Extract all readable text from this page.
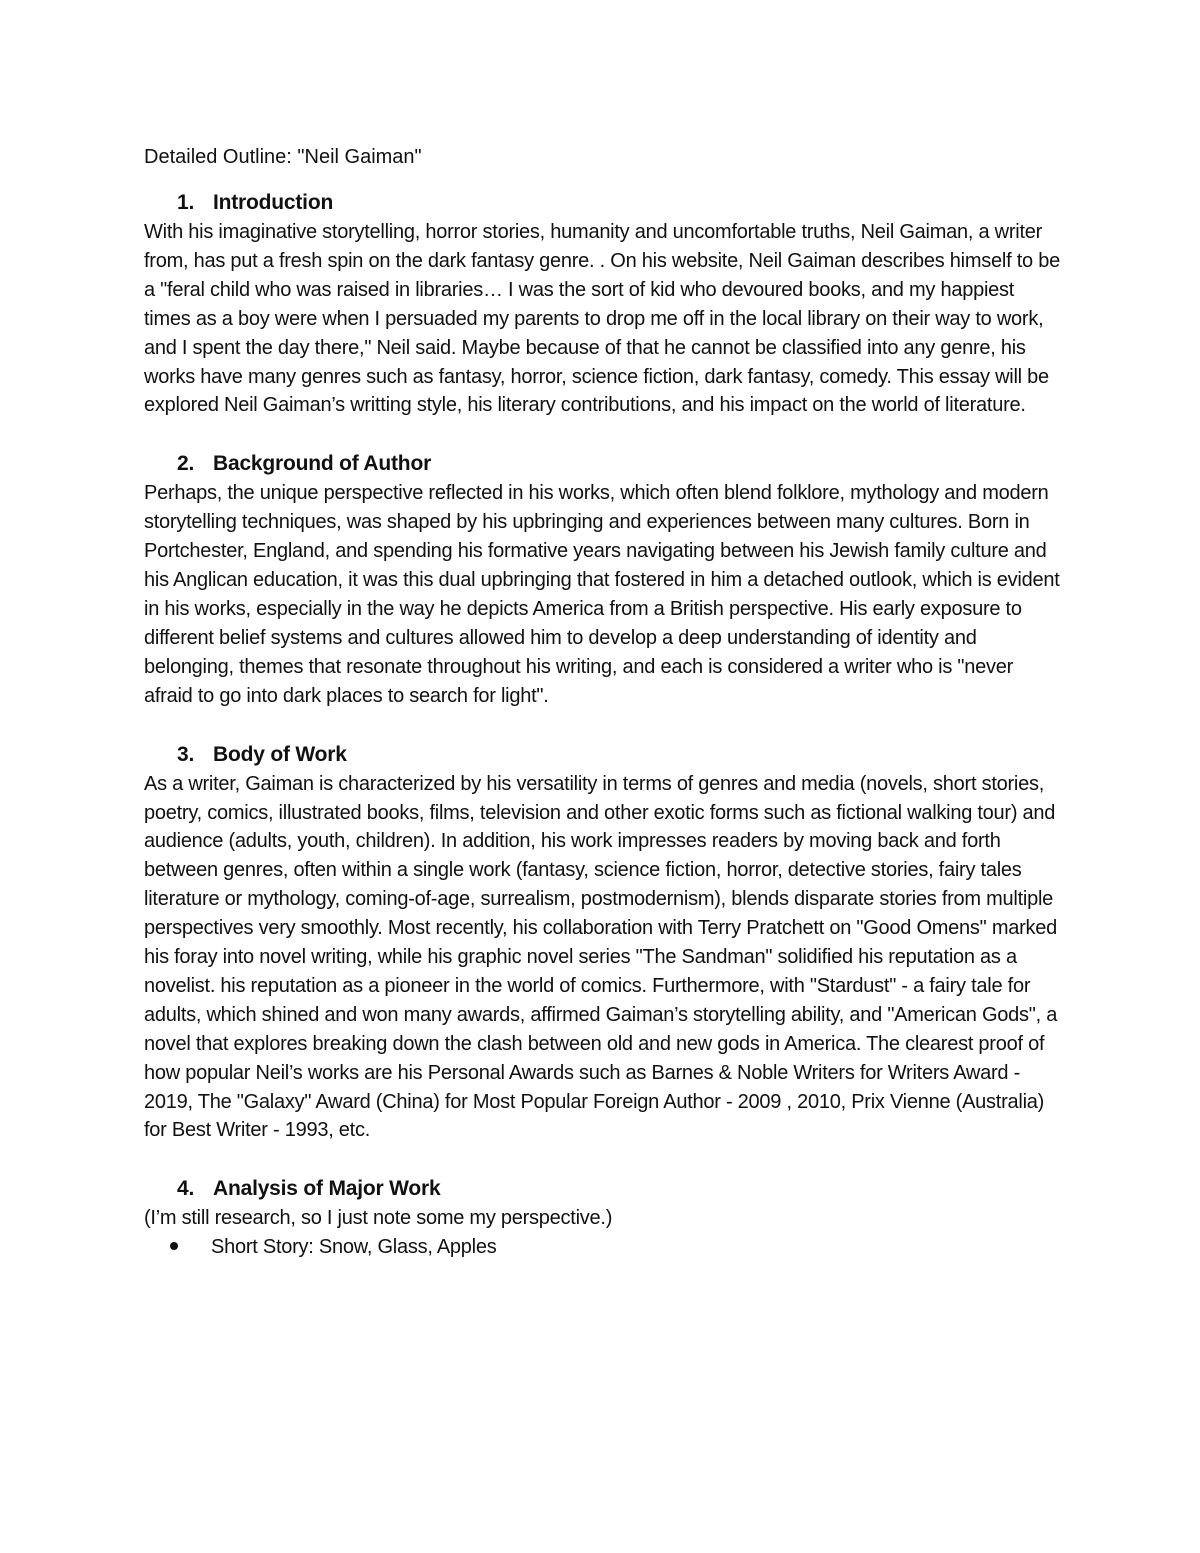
Detailed Outline: "Neil Gaiman"

1. Introduction

With his imaginative storytelling, horror stories, humanity and uncomfortable truths, Neil Gaiman, a writer from, has put a fresh spin on the dark fantasy genre. . On his website, Neil Gaiman describes himself to be a "feral child who was raised in libraries… I was the sort of kid who devoured books, and my happiest times as a boy were when I persuaded my parents to drop me off in the local library on their way to work, and I spent the day there," Neil said. Maybe because of that he cannot be classified into any genre, his works have many genres such as fantasy, horror, science fiction, dark fantasy, comedy. This essay will be explored Neil Gaiman’s writting style, his literary contributions, and his impact on the world of literature.

2. Background of Author

Perhaps, the unique perspective reflected in his works, which often blend folklore, mythology and modern storytelling techniques, was shaped by his upbringing and experiences between many cultures. Born in Portchester, England, and spending his formative years navigating between his Jewish family culture and his Anglican education, it was this dual upbringing that fostered in him a detached outlook, which is evident in his works, especially in the way he depicts America from a British perspective. His early exposure to different belief systems and cultures allowed him to develop a deep understanding of identity and belonging, themes that resonate throughout his writing, and each is considered a writer who is "never afraid to go into dark places to search for light".

3. Body of Work

As a writer, Gaiman is characterized by his versatility in terms of genres and media (novels, short stories, poetry, comics, illustrated books, films, television and other exotic forms such as fictional walking tour) and audience (adults, youth, children). In addition, his work impresses readers by moving back and forth between genres, often within a single work (fantasy, science fiction, horror, detective stories, fairy tales literature or mythology, coming-of-age, surrealism, postmodernism), blends disparate stories from multiple perspectives very smoothly. Most recently, his collaboration with Terry Pratchett on "Good Omens" marked his foray into novel writing, while his graphic novel series "The Sandman" solidified his reputation as a novelist. his reputation as a pioneer in the world of comics. Furthermore, with "Stardust" - a fairy tale for adults, which shined and won many awards, affirmed Gaiman’s storytelling ability, and "American Gods", a novel that explores breaking down the clash between old and new gods in America. The clearest proof of how popular Neil’s works are his Personal Awards such as Barnes & Noble Writers for Writers Award - 2019, The "Galaxy" Award (China) for Most Popular Foreign Author - 2009 , 2010, Prix Vienne (Australia) for Best Writer - 1993, etc.

4. Analysis of Major Work

(I’m still research, so I just note some my perspective.)

Short Story: Snow, Glass, Apples
